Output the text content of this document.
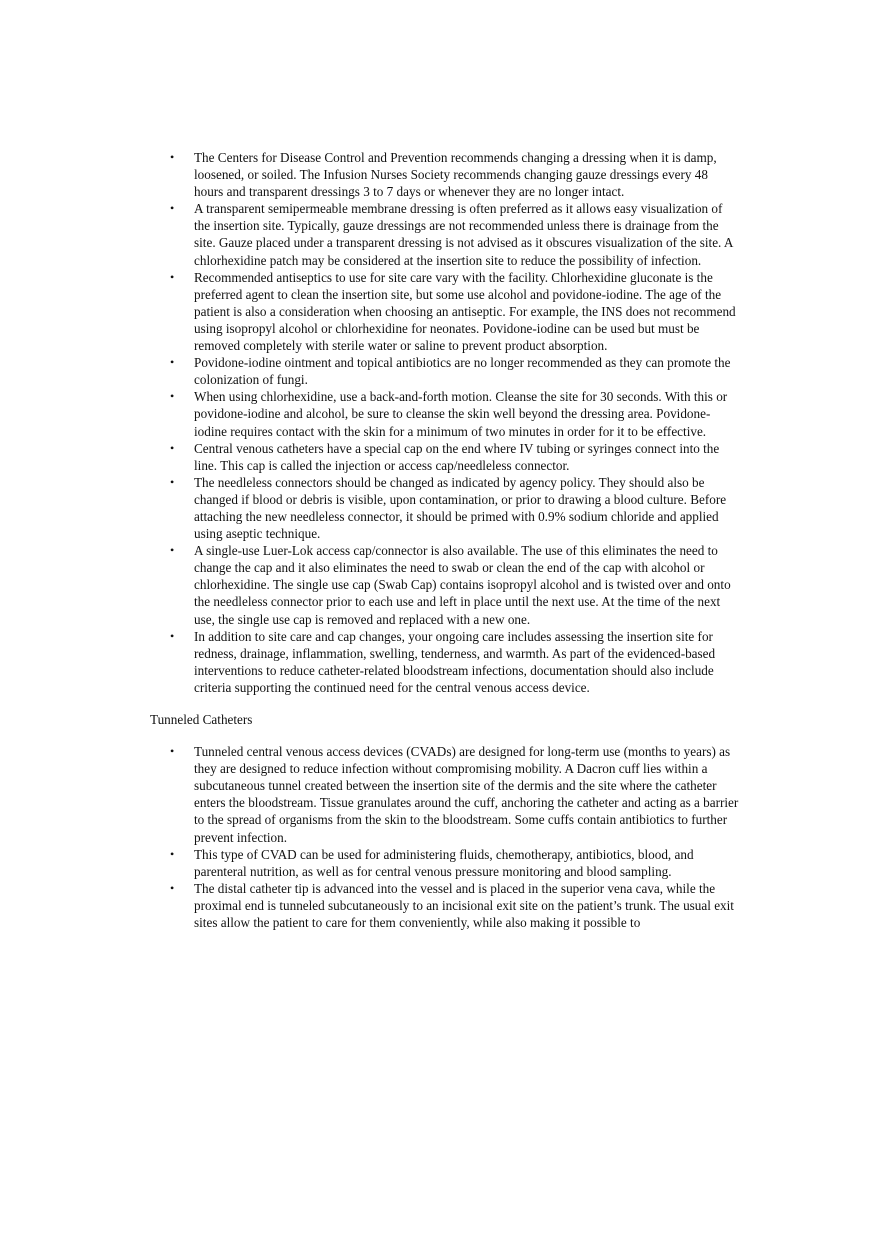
• The Centers for Disease Control and Prevention recommends changing a dressing when it is damp, loosened, or soiled. The Infusion Nurses Society recommends changing gauze dressings every 48 hours and transparent dressings 3 to 7 days or whenever they are no longer intact.
• A transparent semipermeable membrane dressing is often preferred as it allows easy visualization of the insertion site. Typically, gauze dressings are not recommended unless there is drainage from the site. Gauze placed under a transparent dressing is not advised as it obscures visualization of the site. A chlorhexidine patch may be considered at the insertion site to reduce the possibility of infection.
• Recommended antiseptics to use for site care vary with the facility. Chlorhexidine gluconate is the preferred agent to clean the insertion site, but some use alcohol and povidone-iodine. The age of the patient is also a consideration when choosing an antiseptic. For example, the INS does not recommend using isopropyl alcohol or chlorhexidine for neonates. Povidone-iodine can be used but must be removed completely with sterile water or saline to prevent product absorption.
• Povidone-iodine ointment and topical antibiotics are no longer recommended as they can promote the colonization of fungi.
• When using chlorhexidine, use a back-and-forth motion. Cleanse the site for 30 seconds. With this or povidone-iodine and alcohol, be sure to cleanse the skin well beyond the dressing area. Povidone-iodine requires contact with the skin for a minimum of two minutes in order for it to be effective.
• Central venous catheters have a special cap on the end where IV tubing or syringes connect into the line. This cap is called the injection or access cap/needleless connector.
• The needleless connectors should be changed as indicated by agency policy. They should also be changed if blood or debris is visible, upon contamination, or prior to drawing a blood culture. Before attaching the new needleless connector, it should be primed with 0.9% sodium chloride and applied using aseptic technique.
• A single-use Luer-Lok access cap/connector is also available. The use of this eliminates the need to change the cap and it also eliminates the need to swab or clean the end of the cap with alcohol or chlorhexidine. The single use cap (Swab Cap) contains isopropyl alcohol and is twisted over and onto the needleless connector prior to each use and left in place until the next use. At the time of the next use, the single use cap is removed and replaced with a new one.
• In addition to site care and cap changes, your ongoing care includes assessing the insertion site for redness, drainage, inflammation, swelling, tenderness, and warmth. As part of the evidenced-based interventions to reduce catheter-related bloodstream infections, documentation should also include criteria supporting the continued need for the central venous access device.
Tunneled Catheters
• Tunneled central venous access devices (CVADs) are designed for long-term use (months to years) as they are designed to reduce infection without compromising mobility. A Dacron cuff lies within a subcutaneous tunnel created between the insertion site of the dermis and the site where the catheter enters the bloodstream. Tissue granulates around the cuff, anchoring the catheter and acting as a barrier to the spread of organisms from the skin to the bloodstream. Some cuffs contain antibiotics to further prevent infection.
• This type of CVAD can be used for administering fluids, chemotherapy, antibiotics, blood, and parenteral nutrition, as well as for central venous pressure monitoring and blood sampling.
• The distal catheter tip is advanced into the vessel and is placed in the superior vena cava, while the proximal end is tunneled subcutaneously to an incisional exit site on the patient’s trunk. The usual exit sites allow the patient to care for them conveniently, while also making it possible to
